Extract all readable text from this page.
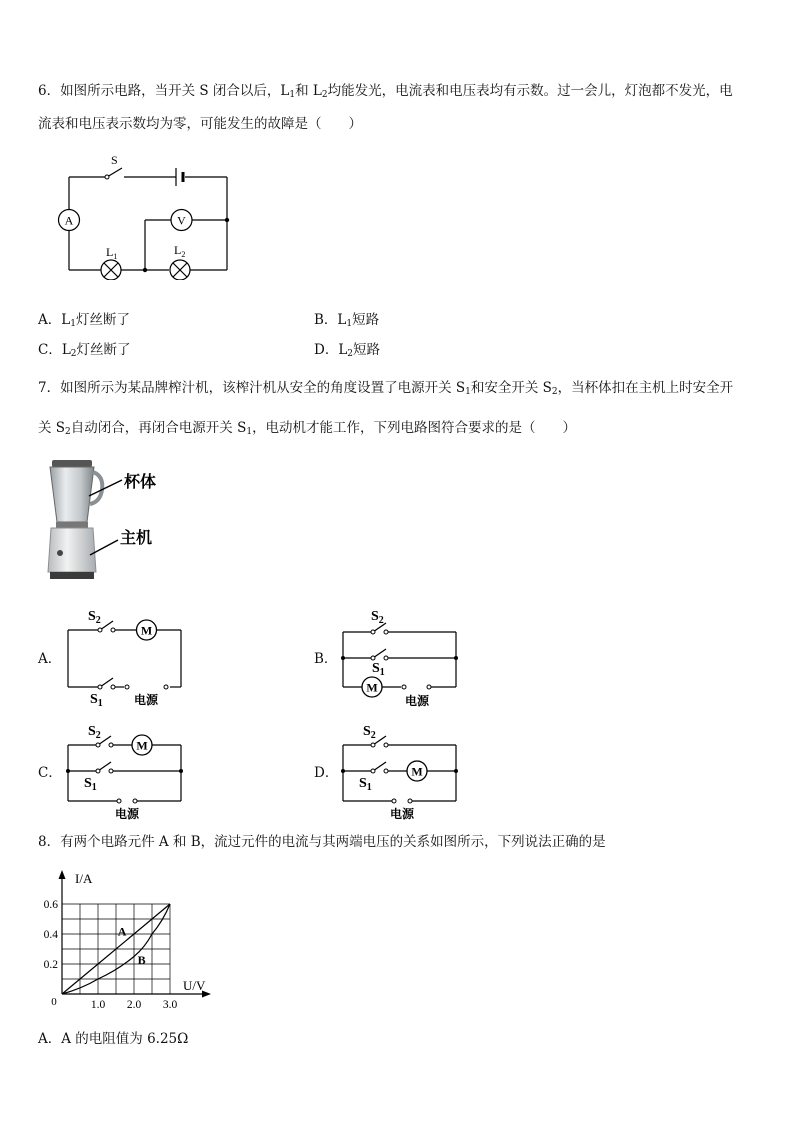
6．如图所示电路，当开关 S 闭合以后，$L_1$和 $L_2$均能发光，电流表和电压表均有示数。过一会儿，灯泡都不发光，电
流表和电压表示数均为零，可能发生的故障是（　　）
S
A	V
$L_1$	$L_2$
A．$L_1$灯丝断了	B．$L_1$短路
C．$L_2$灯丝断了	D．$L_2$短路
7．如图所示为某品牌榨汁机，该榨汁机从安全的角度设置了电源开关 $S_1$和安全开关 $S_2$，当杯体扣在主机上时安全开
关 $S_2$自动闭合，再闭合电源开关 $S_1$，电动机才能工作，下列电路图符合要求的是（　　）
杯体
主机
A．
M
$S_2$
$S_1$	电源
B．
M
$S_2$
$S_1$
电源
C．
M
$S_2$
$S_1$
电源
D．	M
$S_2$
$S_1$
电源
8．有两个电路元件 A 和 B，流过元件的电流与其两端电压的关系如图所示，下列说法正确的是
I/A
U/V
0	1.0 2.0 3.0
0.2
0.4
0.6
A
B
A．A 的电阻值为 6.25Ω
